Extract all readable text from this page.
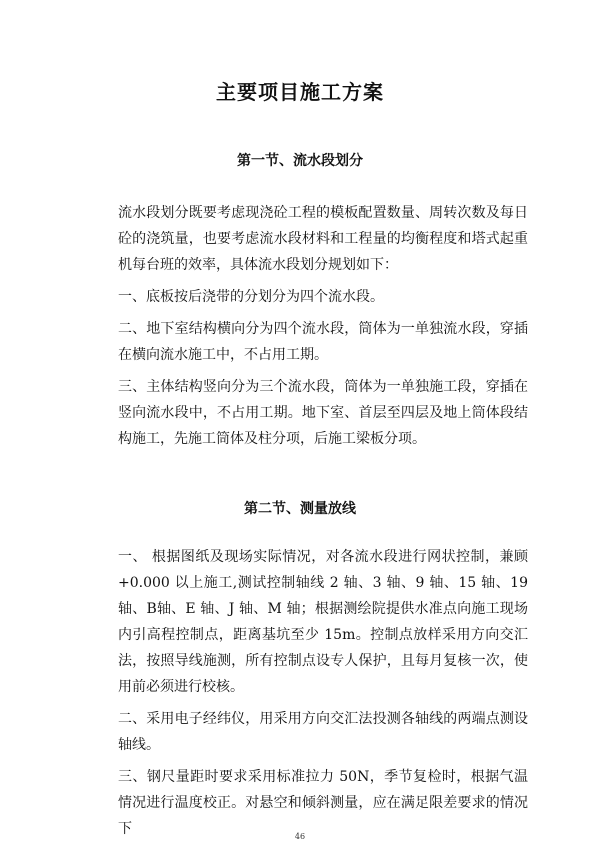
主要项目施工方案
第一节、流水段划分

流水段划分既要考虑现浇砼工程的模板配置数量、周转次数及每日砼的浇筑量，也要考虑流水段材料和工程量的均衡程度和塔式起重机每台班的效率，具体流水段划分规划如下：

一、底板按后浇带的分划分为四个流水段。

二、地下室结构横向分为四个流水段，筒体为一单独流水段，穿插在横向流水施工中，不占用工期。

三、主体结构竖向分为三个流水段，筒体为一单独施工段，穿插在竖向流水段中，不占用工期。地下室、首层至四层及地上筒体段结构施工，先施工筒体及柱分项，后施工梁板分项。

第二节、测量放线

一、 根据图纸及现场实际情况，对各流水段进行网状控制，兼顾+0.000 以上施工,测试控制轴线 2 轴、3 轴、9 轴、15 轴、19 轴、B轴、E 轴、J 轴、M 轴；根据测绘院提供水准点向施工现场内引高程控制点，距离基坑至少 15m。控制点放样采用方向交汇法，按照导线施测，所有控制点设专人保护，且每月复核一次，使用前必须进行校核。

二、采用电子经纬仪，用采用方向交汇法投测各轴线的两端点测设轴线。

三、钢尺量距时要求采用标准拉力 50N，季节复检时，根据气温情况进行温度校正。对悬空和倾斜测量，应在满足限差要求的情况下	46
